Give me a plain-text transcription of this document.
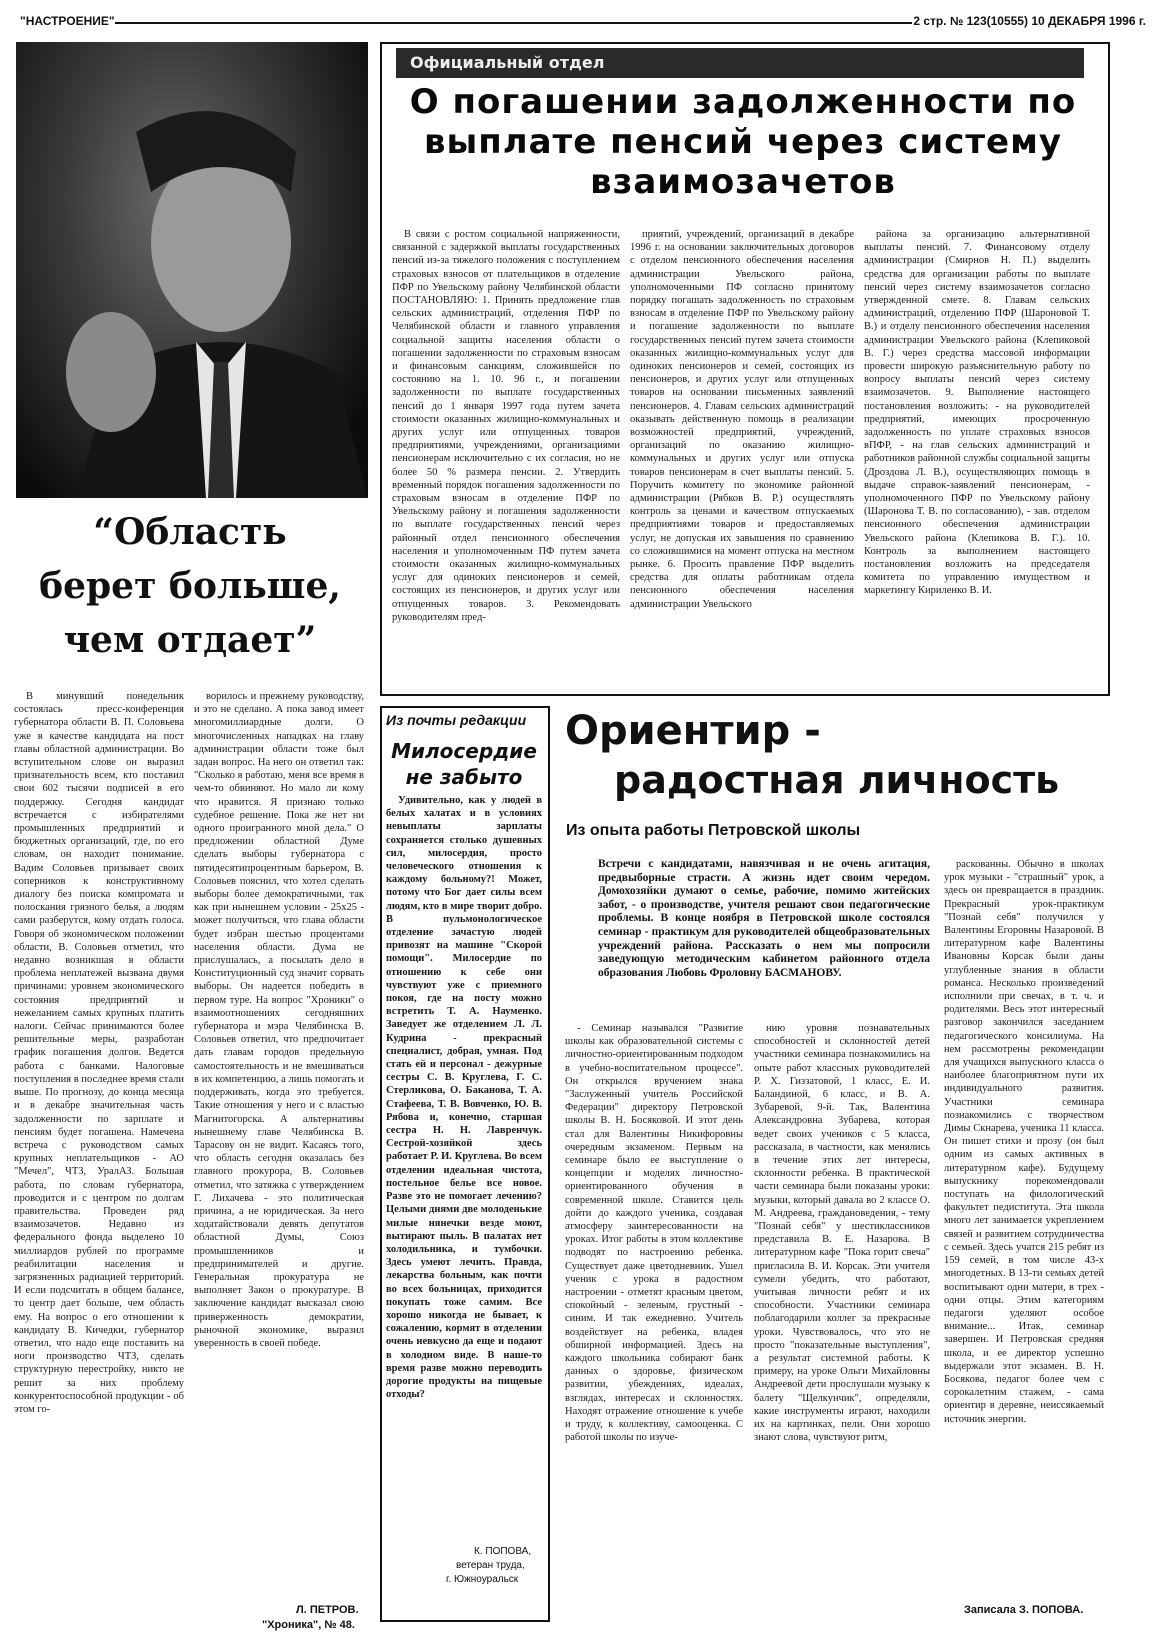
"НАСТРОЕНИЕ"	2 стр. № 123(10555) 10 ДЕКАБРЯ 1996 г.
“Область берет больше, чем отдает”

В минувший понедельник состоялась пресс-конференция губернатора области В. П. Соловьева уже в качестве кандидата на пост главы областной администрации. Во вступительном слове он выразил признательность всем, кто поставил свои 602 тысячи подписей в его поддержку. Сегодня кандидат встречается с избирателями промышленных предприятий и бюджетных организаций, где, по его словам, он находит понимание. Вадим Соловьев призывает своих соперников к конструктивному диалогу без поиска компромата и полоскания грязного белья, а людям сами разберутся, кому отдать голоса. Говоря об экономическом положении области, В. Соловьев отметил, что недавно возникшая в области проблема неплатежей вызвана двумя причинами: уровнем экономического состояния предприятий и нежеланием самых крупных платить налоги. Сейчас принимаются более решительные меры, разработан график погашения долгов. Ведется работа с банками. Налоговые поступления в последнее время стали выше. По прогнозу, до конца месяца и в декабре значительная часть задолженности по зарплате и пенсиям будет погашена. Намечена встреча с руководством самых крупных неплательщиков - АО "Мечел", ЧТЗ, УралАЗ. Большая работа, по словам губернатора, проводится и с центром по долгам правительства. Проведен ряд взаимозачетов. Недавно из федерального фонда выделено 10 миллиардов рублей по программе реабилитации населения и загрязненных радиацией территорий. И если подсчитать в общем балансе, то центр дает больше, чем область ему. На вопрос о его отношении к кандидату В. Кичедки, губернатор ответил, что надо еще поставить на ноги производство ЧТЗ, сделать структурную перестройку, никто не решит за них проблему конкурентоспособной продукции - об этом го-

ворилось и прежнему руководству, и это не сделано. А пока завод имеет многомиллиардные долги. О многочисленных нападках на главу администрации области тоже был задан вопрос. На него он ответил так: "Сколько я работаю, меня все время в чем-то обвиняют. Но мало ли кому что нравится. Я признаю только судебное решение. Пока же нет ни одного проигранного мной дела." О предложении областной Думе сделать выборы губернатора с пятидесятипроцентным барьером, В. Соловьев пояснил, что хотел сделать выборы более демократичными, так как при нынешнем условии - 25х25 - может получиться, что глава области будет избран шестью процентами населения области. Дума не прислушалась, а посылать дело в Конституционный суд значит сорвать выборы. Он надеется победить в первом туре. На вопрос "Хроники" о взаимоотношениях сегодняшних губернатора и мэра Челябинска В. Соловьев ответил, что предпочитает дать главам городов предельную самостоятельность и не вмешиваться в их компетенцию, а лишь помогать и поддерживать, когда это требуется. Такие отношения у него и с властью Магнитогорска. А альтернативы нынешнему главе Челябинска В. Тарасову он не видит. Касаясь того, что область сегодня оказалась без главного прокурора, В. Соловьев отметил, что затяжка с утверждением Г. Лихачева - это политическая причина, а не юридическая. За него ходатайствовали девять депутатов областной Думы, Союз промышленников и предпринимателей и другие. Генеральная прокуратура не выполняет Закон о прокуратуре. В заключение кандидат высказал свою приверженность демократии, рыночной экономике, выразил уверенность в своей победе.

Л. ПЕТРОВ.
"Хроника", № 48.
Официальный отдел
О погашении задолженности по выплате пенсий через систему взаимозачетов

В связи с ростом социальной напряженности, связанной с задержкой выплаты государственных пенсий из-за тяжелого положения с поступлением страховых взносов от плательщиков в отделение ПФР по Увельскому району Челябинской области ПОСТАНОВЛЯЮ: 1. Принять предложение глав сельских администраций, отделения ПФР по Челябинской области и главного управления социальной защиты населения области о погашении задолженности по страховым взносам и финансовым санкциям, сложившейся по состоянию на 1. 10. 96 г., и погашении задолженности по выплате государственных пенсий до 1 января 1997 года путем зачета стоимости оказанных жилищно-коммунальных и других услуг или отпущенных товаров предприятиями, учреждениями, организациями пенсионерам исключительно с их согласия, но не более 50 % размера пенсии. 2. Утвердить временный порядок погашения задолженности по страховым взносам в отделение ПФР по Увельскому району и погашения задолженности по выплате государственных пенсий через районный отдел пенсионного обеспечения населения и уполномоченным ПФ путем зачета стоимости оказанных жилищно-коммунальных услуг для одиноких пенсионеров и семей, состоящих из пенсионеров, и других услуг или отпущенных товаров. 3. Рекомендовать руководителям пред-

приятий, учреждений, организаций в декабре 1996 г. на основании заключительных договоров с отделом пенсионного обеспечения населения администрации Увельского района, уполномоченными ПФ согласно принятому порядку погашать задолженность по страховым взносам в отделение ПФР по Увельскому району и погашение задолженности по выплате государственных пенсий путем зачета стоимости оказанных жилищно-коммунальных услуг для одиноких пенсионеров и семей, состоящих из пенсионеров, и других услуг или отпущенных товаров на основании письменных заявлений пенсионеров. 4. Главам сельских администраций оказывать действенную помощь в реализации возможностей предприятий, учреждений, организаций по оказанию жилищно-коммунальных и других услуг или отпуска товаров пенсионерам в счет выплаты пенсий. 5. Поручить комитету по экономике районной администрации (Рябков В. Р.) осуществлять контроль за ценами и качеством отпускаемых предприятиями товаров и предоставляемых услуг, не допуская их завышения по сравнению со сложившимися на момент отпуска на местном рынке. 6. Просить правление ПФР выделить средства для оплаты работникам отдела пенсионного обеспечения населения администрации Увельского

района за организацию альтернативной выплаты пенсий. 7. Финансовому отделу администрации (Смирнов Н. П.) выделить средства для организации работы по выплате пенсий через систему взаимозачетов согласно утвержденной смете. 8. Главам сельских администраций, отделению ПФР (Шароновой Т. В.) и отделу пенсионного обеспечения населения администрации Увельского района (Клепиковой В. Г.) через средства массовой информации провести широкую разъяснительную работу по вопросу выплаты пенсий через систему взаимозачетов. 9. Выполнение настоящего постановления возложить: - на руководителей предприятий, имеющих просроченную задолженность по уплате страховых взносов вПФР, - на глав сельских администраций и работников районной службы социальной защиты (Дроздова Л. В.), осуществляющих помощь в выдаче справок-заявлений пенсионерам, - уполномоченного ПФР по Увельскому району (Шаронова Т. В. по согласованию), - зав. отделом пенсионного обеспечения администрации Увельского района (Клепикова В. Г.). 10. Контроль за выполнением настоящего постановления возложить на председателя комитета по управлению имуществом и маркетингу Кириленко В. И.

Из почты редакции
Милосердие не забыто

Удивительно, как у людей в белых халатах и в условиях невыплаты зарплаты сохраняется столько душевных сил, милосердия, просто человеческого отношения к каждому больному?! Может, потому что Бог дает силы всем людям, кто в мире творит добро. В пульмонологическое отделение зачастую людей привозят на машине "Скорой помощи". Милосердие по отношению к себе они чувствуют уже с приемного покоя, где на посту можно встретить Т. А. Науменко. Заведует же отделением Л. Л. Кудрина - прекрасный специалист, добрая, умная. Под стать ей и персонал - дежурные сестры С. В. Круглева, Г. С. Стерликова, О. Баканова, Т. А. Стафеева, Т. В. Вовченко, Ю. В. Рябова и, конечно, старшая сестра Н. Н. Лавренчук. Сестрой-хозяйкой здесь работает Р. И. Круглева. Во всем отделении идеальная чистота, постельное белье все новое. Разве это не помогает лечению? Целыми днями две молоденькие милые нянечки везде моют, вытирают пыль. В палатах нет холодильника, и тумбочки. Здесь умеют лечить. Правда, лекарства больным, как почти во всех больницах, приходится покупать тоже самим. Все хорошо никогда не бывает, к сожалению, кормят в отделении очень невкусно да еще и подают в холодном виде. В наше-то время разве можно переводить дорогие продукты на пищевые отходы?

К. ПОПОВА,
ветеран труда,
г. Южноуральск
Ориентир -
радостная личность
Из опыта работы Петровской школы
Встречи с кандидатами, навязчивая и не очень агитация, предвыборные страсти. А жизнь идет своим чередом. Домохозяйки думают о семье, рабочие, помимо житейских забот, - о производстве, учителя решают свои педагогические проблемы. В конце ноября в Петровской школе состоялся семинар - практикум для руководителей общеобразовательных учреждений района. Рассказать о нем мы попросили заведующую методическим кабинетом районного отдела образования Любовь Фроловну БАСМАНОВУ.

- Семинар назывался "Развитие школы как образовательной системы с личностно-ориентированным подходом в учебно-воспитательном процессе". Он открылся вручением знака "Заслуженный учитель Российской Федерации" директору Петровской школы В. Н. Босяковой. И этот день стал для Валентины Никифоровны очередным экзаменом. Первым на семинаре было ее выступление о концепции и моделях личностно-ориентированного обучения в современной школе. Ставится цель дойти до каждого ученика, создавая атмосферу заинтересованности на уроках. Итог работы в этом коллективе подводят по настроению ребенка. Существует даже цветодневник. Ушел ученик с урока в радостном настроении - отметят красным цветом, спокойный - зеленым, грустный - синим. И так ежедневно. Учитель воздействует на ребенка, владея обширной информацией. Здесь на каждого школьника собирают банк данных о здоровье, физическом развитии, убеждениях, идеалах, взглядах, интересах и склонностях. Находят отражение отношение к учебе и труду, к коллективу, самооценка. С работой школы по изуче-

нию уровня познавательных способностей и склонностей детей участники семинара познакомились на опыте работ классных руководителей Р. Х. Гиззатовой, 1 класс, Е. И. Баландиной, 6 класс, и В. А. Зубаревой, 9-й. Так, Валентина Александровна Зубарева, которая ведет своих учеников с 5 класса, рассказала, в частности, как менялись в течение этих лет интересы, склонности ребенка. В практической части семинара были показаны уроки: музыки, который давала во 2 классе О. М. Андреева, граждановедения, - тему "Познай себя" у шестиклассников представила В. Е. Назарова. В литературном кафе "Пока горит свеча" пригласила В. И. Корсак. Эти учителя сумели убедить, что работают, учитывая личности ребят и их способности. Участники семинара поблагодарили коллег за прекрасные уроки. Чувствовалось, что это не просто "показательные выступления", а результат системной работы. К примеру, на уроке Ольги Михайловны Андреевой дети прослушали музыку к балету "Щелкунчик", определяли, какие инструменты играют, находили их на картинках, пели. Они хорошо знают слова, чувствуют ритм,

раскованны. Обычно в школах урок музыки - "страшный" урок, а здесь он превращается в праздник. Прекрасный урок-практикум "Познай себя" получился у Валентины Егоровны Назаровой. В литературном кафе Валентины Ивановны Корсак были даны углубленные знания в области романса. Несколько произведений исполнили при свечах, в т. ч. и родителями. Весь этот интересный разговор закончился заседанием педагогического консилиума. На нем рассмотрены рекомендации для учащихся выпускного класса о наиболее благоприятном пути их индивидуального развития. Участники семинара познакомились с творчеством Димы Скнарева, ученика 11 класса. Он пишет стихи и прозу (он был одним из самых активных в литературном кафе). Будущему выпускнику порекомендовали поступать на филологический факультет педиститута. Эта школа много лет занимается укреплением связей и развитием сотрудничества с семьей. Здесь учатся 215 ребят из 159 семей, в том числе 43-х многодетных. В 13-ти семьях детей воспитывают одни матери, в трех - одни отцы. Этим категориям педагоги уделяют особое внимание... Итак, семинар завершен. И Петровская средняя школа, и ее директор успешно выдержали этот экзамен. В. Н. Босякова, педагог более чем с сорокалетним стажем, - сама ориентир в деревне, неиссякаемый источник энергии.

Записала З. ПОПОВА.
